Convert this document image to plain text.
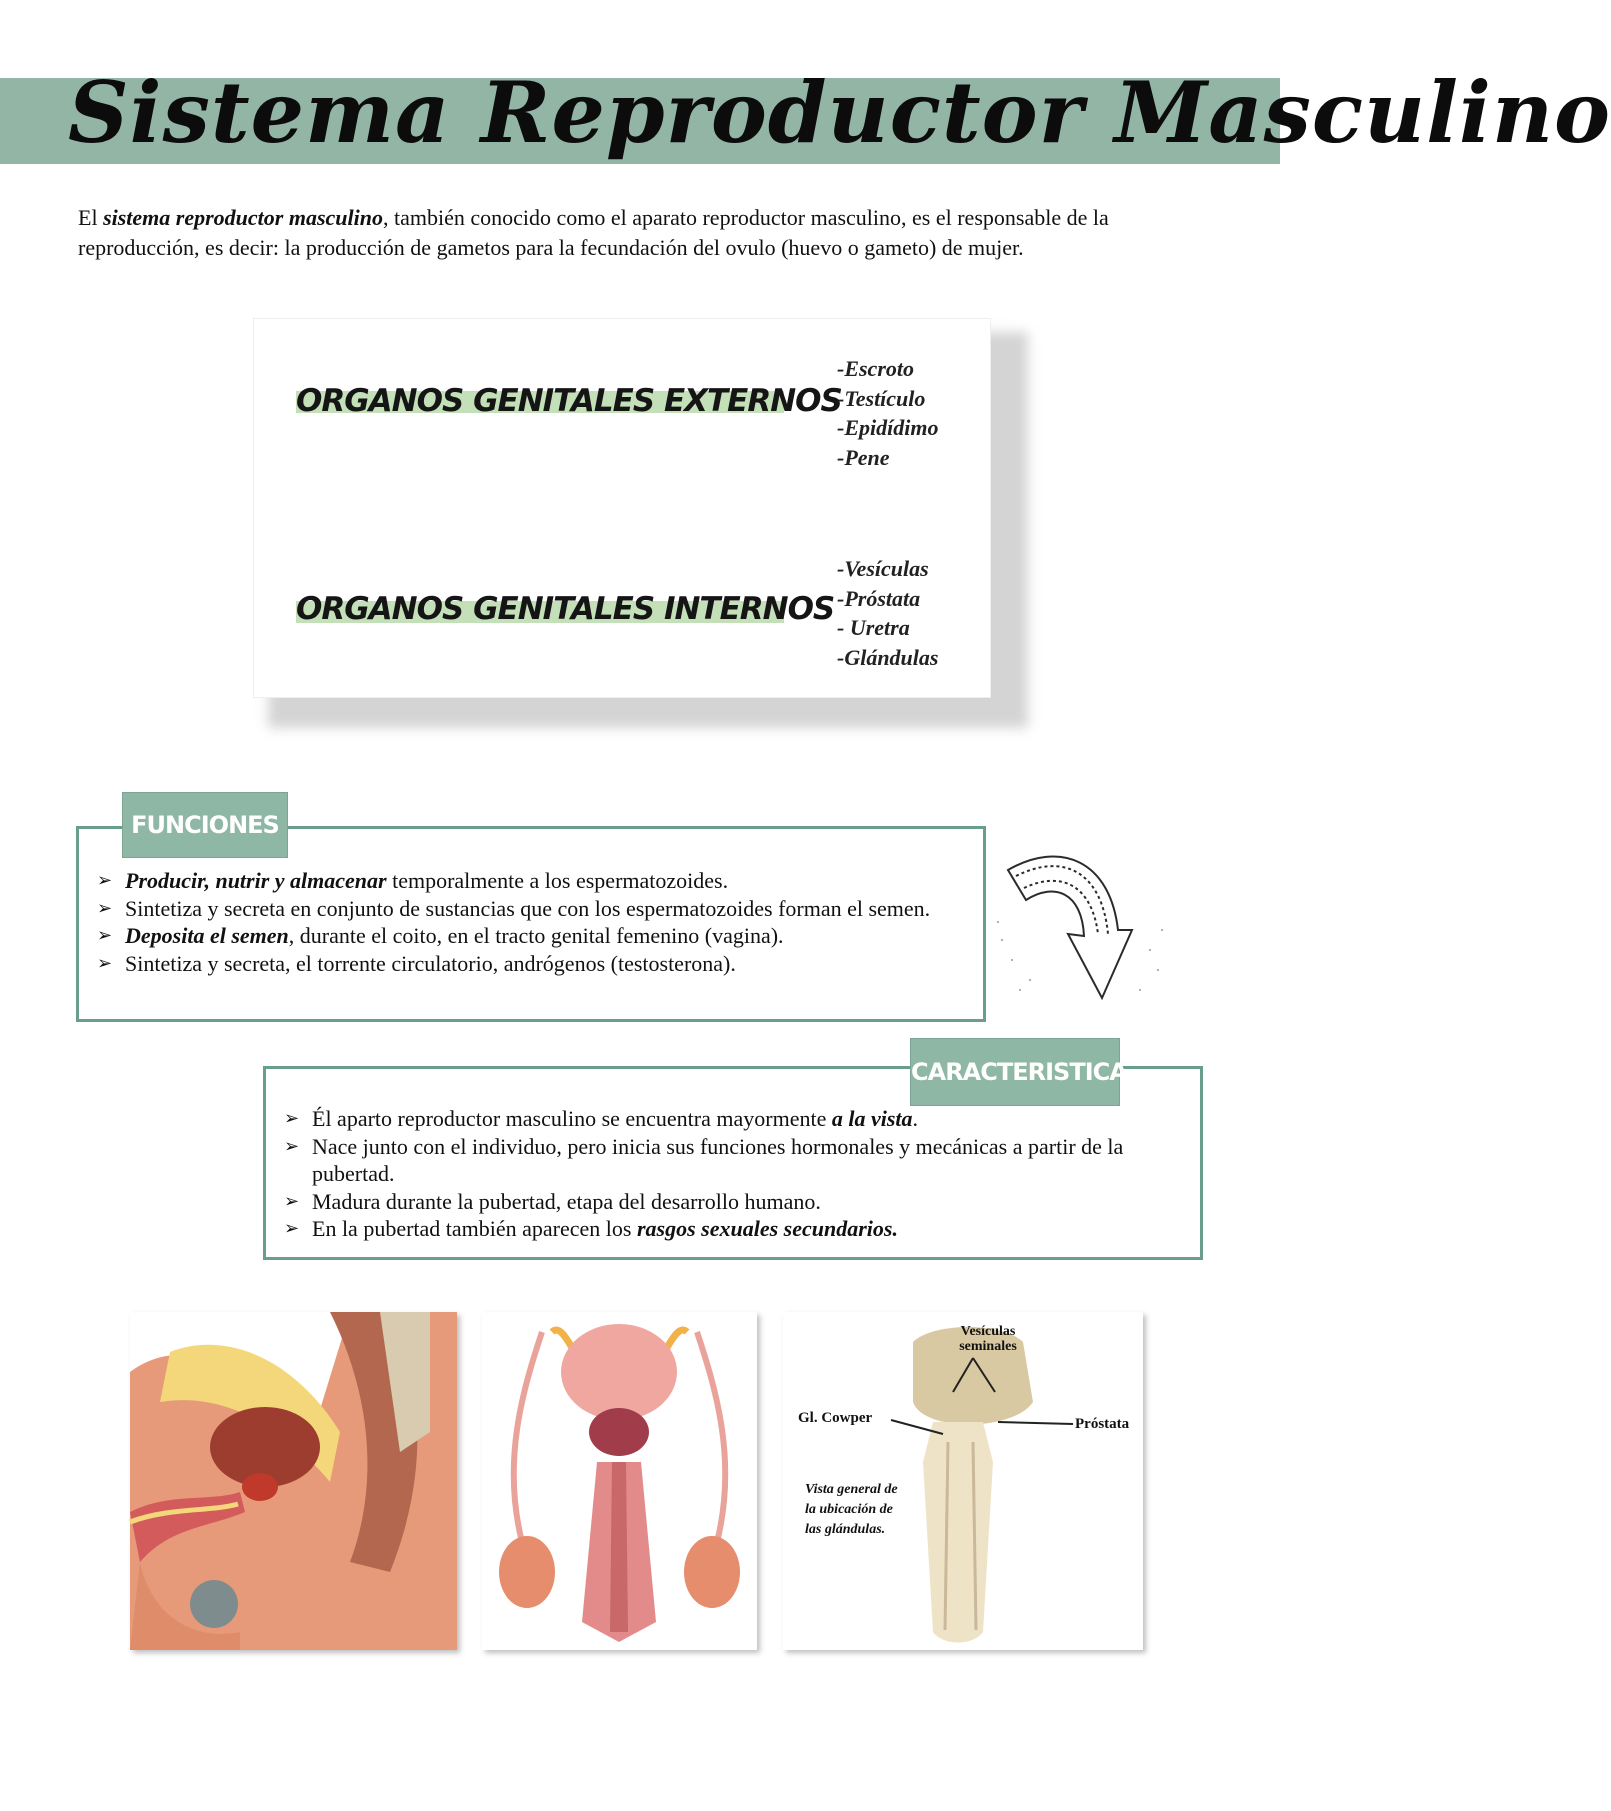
Sistema Reproductor Masculino
El sistema reproductor masculino, también conocido como el aparato reproductor masculino, es el responsable de la reproducción, es decir: la producción de gametos para la fecundación del ovulo (huevo o gameto) de mujer.
ORGANOS GENITALES EXTERNOS
-Escroto
-Testículo
-Epidídimo
-Pene
ORGANOS GENITALES INTERNOS
-Vesículas
-Próstata
- Uretra
-Glándulas
➢ Producir, nutrir y almacenar temporalmente a los espermatozoides.
➢ Sintetiza y secreta en conjunto de sustancias que con los espermatozoides forman el semen.
➢ Deposita el semen, durante el coito, en el tracto genital femenino (vagina).
➢ Sintetiza y secreta, el torrente circulatorio, andrógenos (testosterona).
FUNCIONES
➢ Él aparto reproductor masculino se encuentra mayormente a la vista.
➢ Nace junto con el individuo, pero inicia sus funciones hormonales y mecánicas a partir de la pubertad.
➢ Madura durante la pubertad, etapa del desarrollo humano.
➢ En la pubertad también aparecen los rasgos sexuales secundarios.
CARACTERISTICA
Vesículas
seminales
Gl. Cowper	Próstata
Vista general de
la ubicación de
las glándulas.
